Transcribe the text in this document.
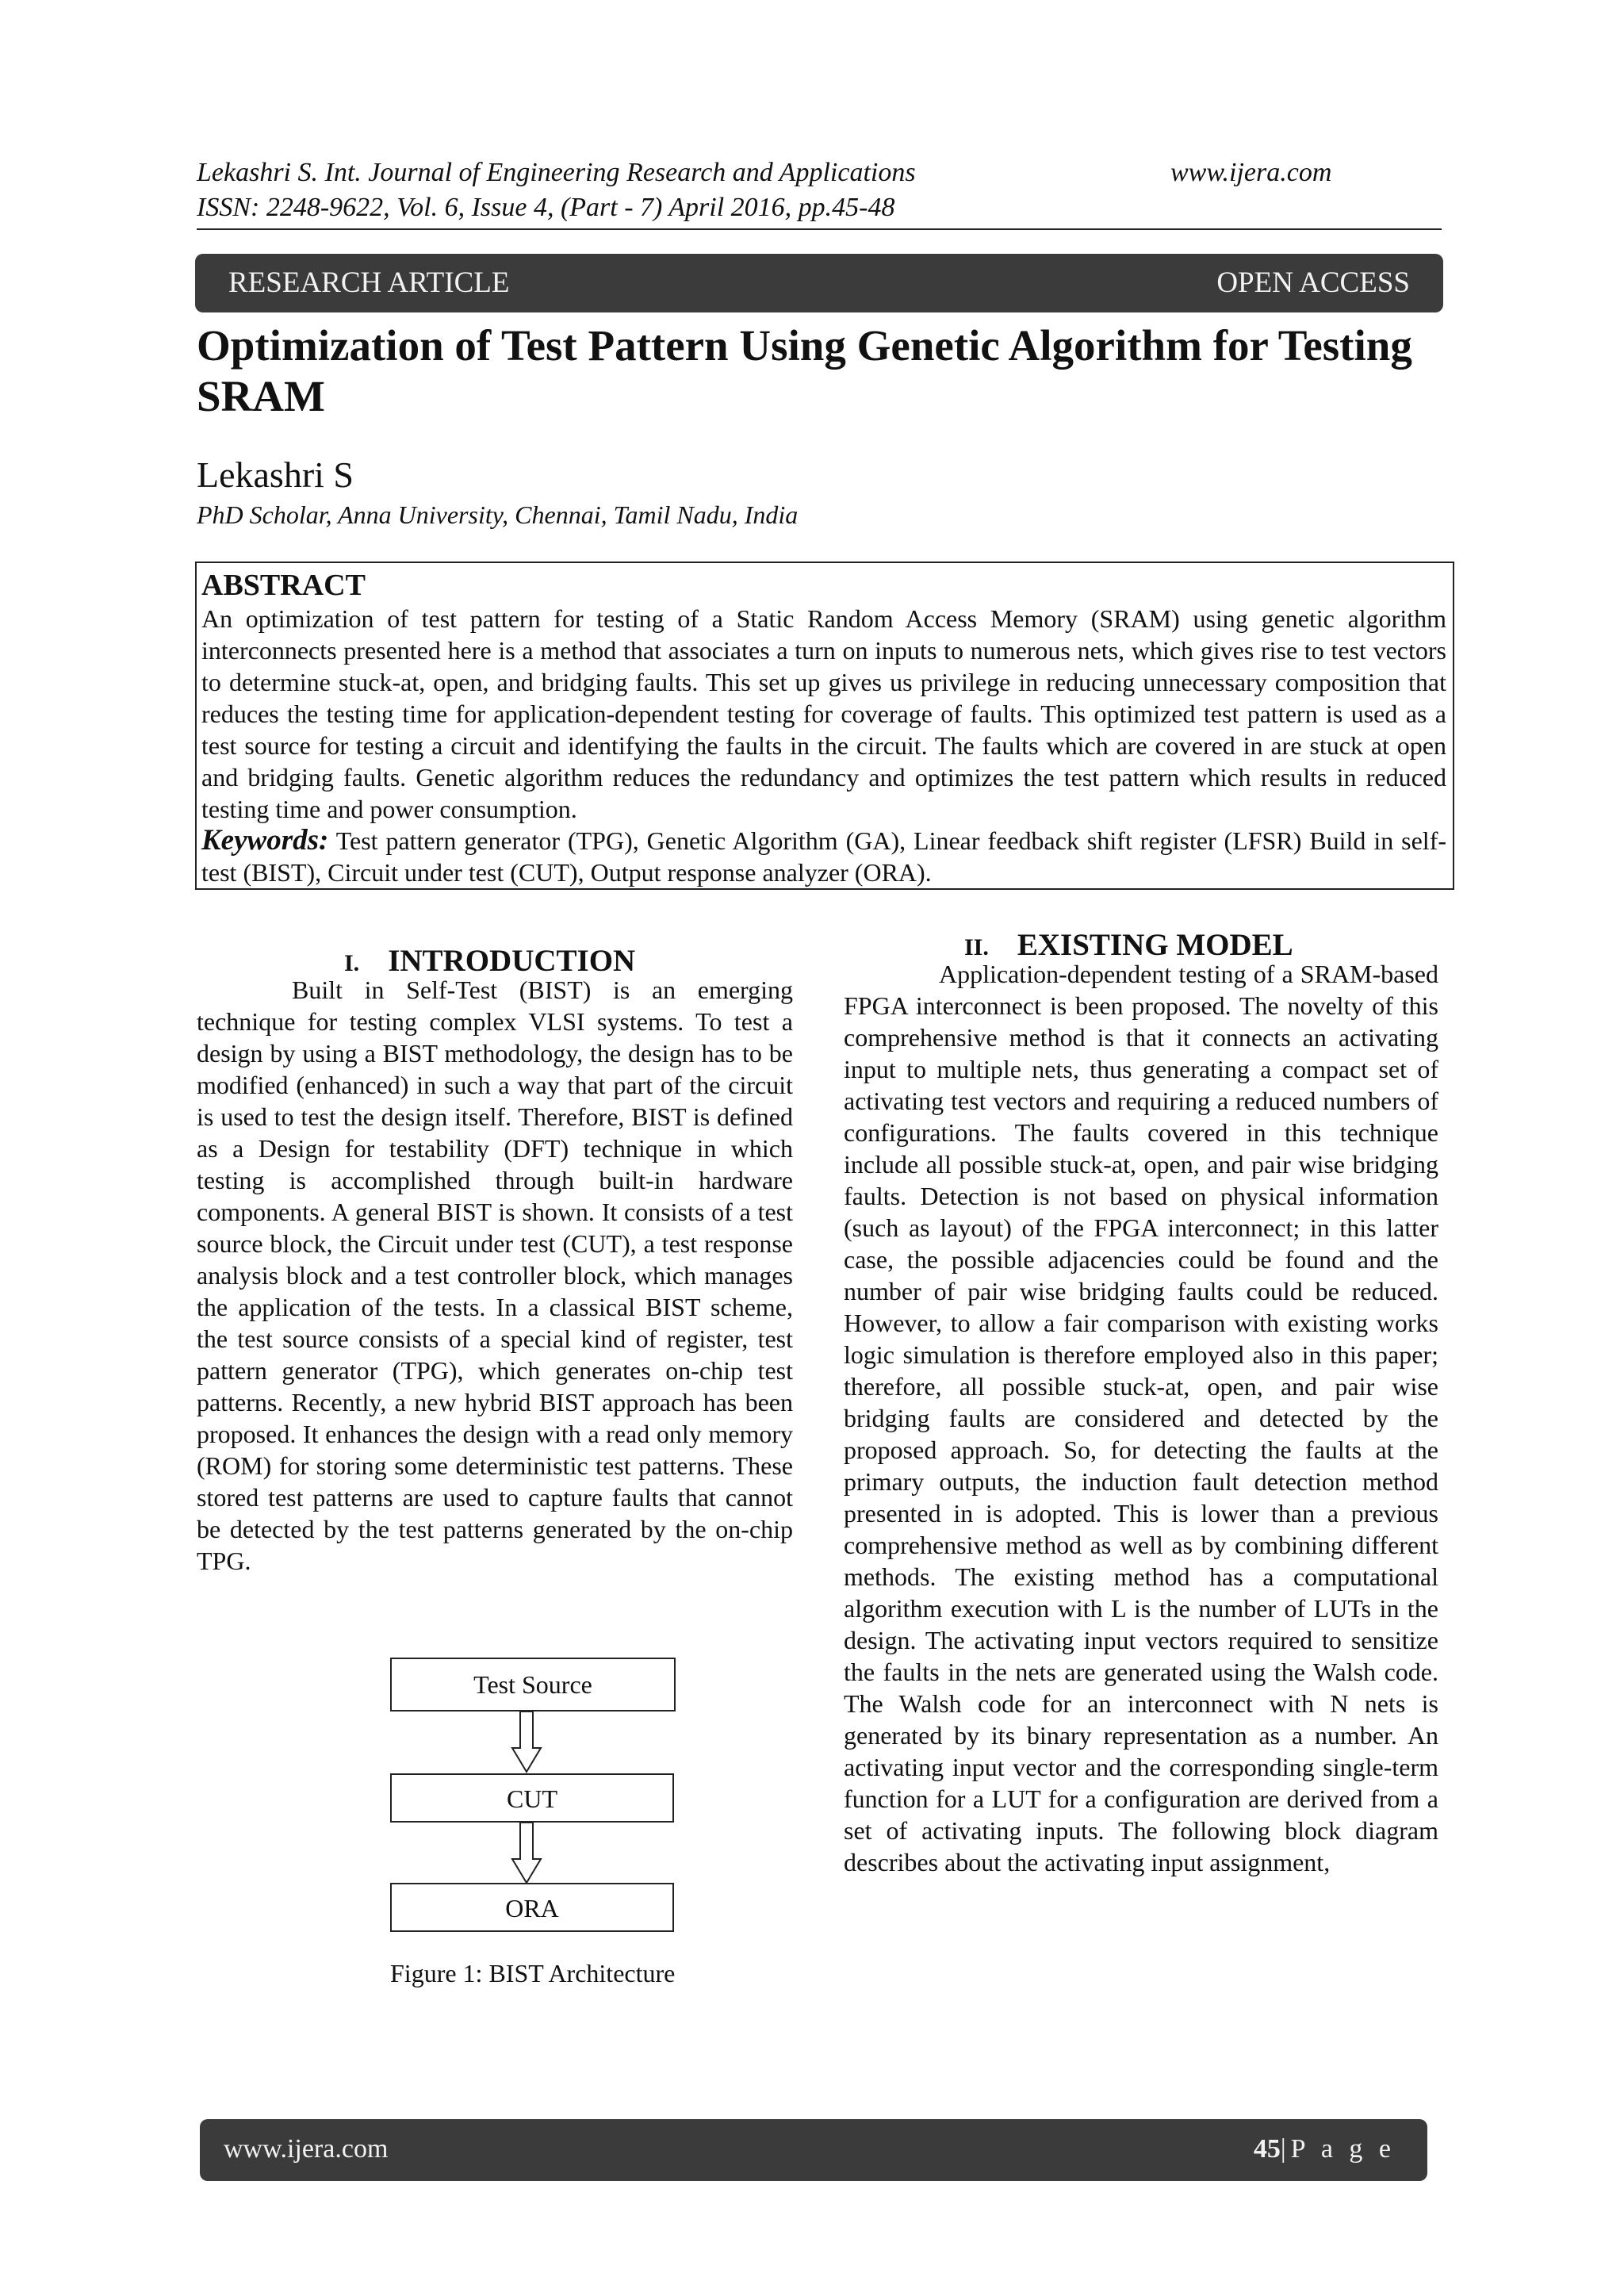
Lekashri S. Int. Journal of Engineering Research and Applications
ISSN: 2248-9622, Vol. 6, Issue 4, (Part - 7) April 2016, pp.45-48
www.ijera.com
RESEARCH ARTICLE	OPEN ACCESS
Optimization of Test Pattern Using Genetic Algorithm for Testing SRAM
Lekashri S
PhD Scholar, Anna University, Chennai, Tamil Nadu, India
ABSTRACT
An optimization of test pattern for testing of a Static Random Access Memory (SRAM) using genetic algorithm interconnects presented here is a method that associates a turn on inputs to numerous nets, which gives rise to test vectors to determine stuck-at, open, and bridging faults. This set up gives us privilege in reducing unnecessary composition that reduces the testing time for application-dependent testing for coverage of faults. This optimized test pattern is used as a test source for testing a circuit and identifying the faults in the circuit. The faults which are covered in are stuck at open and bridging faults. Genetic algorithm reduces the redundancy and optimizes the test pattern which results in reduced testing time and power consumption.
Keywords: Test pattern generator (TPG), Genetic Algorithm (GA), Linear feedback shift register (LFSR) Build in self-test (BIST), Circuit under test (CUT), Output response analyzer (ORA).
I. INTRODUCTION

Built in Self-Test (BIST) is an emerging technique for testing complex VLSI systems. To test a design by using a BIST methodology, the design has to be modified (enhanced) in such a way that part of the circuit is used to test the design itself. Therefore, BIST is defined as a Design for testability (DFT) technique in which testing is accomplished through built-in hardware components. A general BIST is shown. It consists of a test source block, the Circuit under test (CUT), a test response analysis block and a test controller block, which manages the application of the tests. In a classical BIST scheme, the test source consists of a special kind of register, test pattern generator (TPG), which generates on-chip test patterns. Recently, a new hybrid BIST approach has been proposed. It enhances the design with a read only memory (ROM) for storing some deterministic test patterns. These stored test patterns are used to capture faults that cannot be detected by the test patterns generated by the on-chip TPG.

Test Source
CUT
ORA
Figure 1: BIST Architecture
II. EXISTING MODEL

Application-dependent testing of a SRAM-based FPGA interconnect is been proposed. The novelty of this comprehensive method is that it connects an activating input to multiple nets, thus generating a compact set of activating test vectors and requiring a reduced numbers of configurations. The faults covered in this technique include all possible stuck-at, open, and pair wise bridging faults. Detection is not based on physical information (such as layout) of the FPGA interconnect; in this latter case, the possible adjacencies could be found and the number of pair wise bridging faults could be reduced. However, to allow a fair comparison with existing works logic simulation is therefore employed also in this paper; therefore, all possible stuck-at, open, and pair wise bridging faults are considered and detected by the proposed approach. So, for detecting the faults at the primary outputs, the induction fault detection method presented in is adopted. This is lower than a previous comprehensive method as well as by combining different methods. The existing method has a computational algorithm execution with L is the number of LUTs in the design. The activating input vectors required to sensitize the faults in the nets are generated using the Walsh code. The Walsh code for an interconnect with N nets is generated by its binary representation as a number. An activating input vector and the corresponding single-term function for a LUT for a configuration are derived from a set of activating inputs. The following block diagram describes about the activating input assignment,

www.ijera.com	45|P a g e
